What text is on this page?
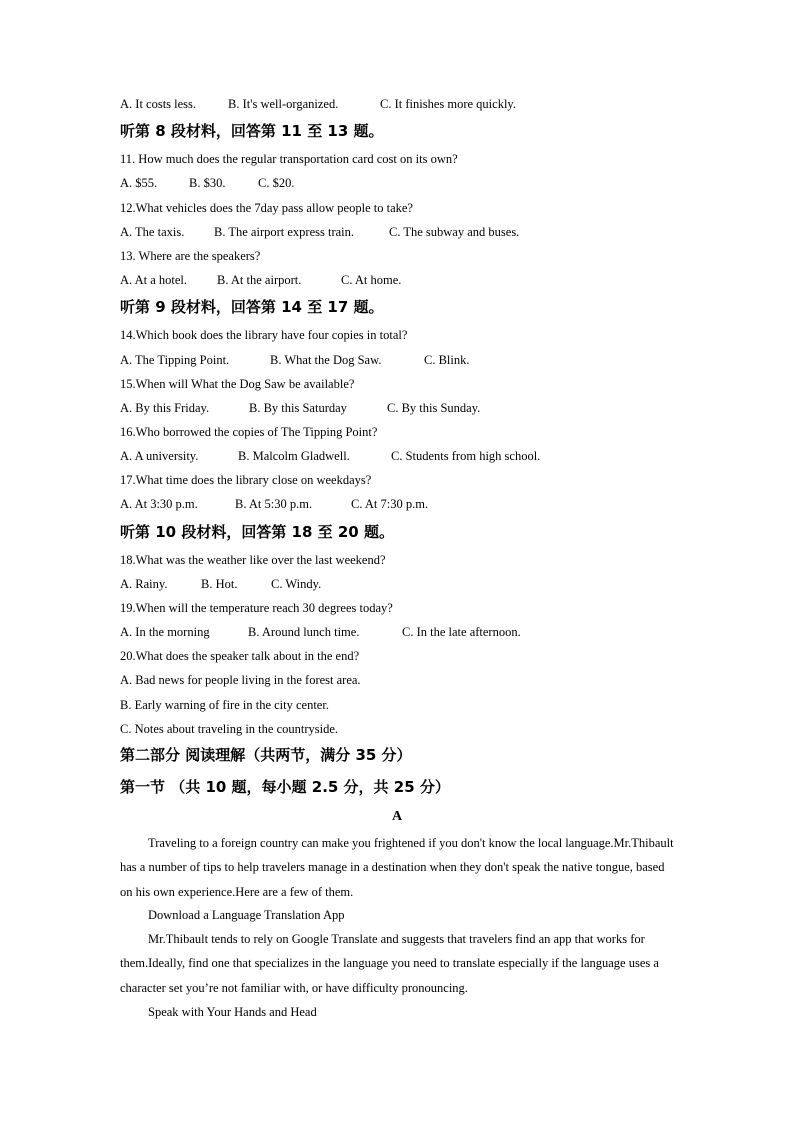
A. It costs less.	B. It's well-organized.	C. It finishes more quickly.
听第 8 段材料，回答第 11 至 13 题。
11. How much does the regular transportation card cost on its own?
A. $55.	B. $30.	C. $20.
12.What vehicles does the 7day pass allow people to take?
A. The taxis. B. The airport express train.	C. The subway and buses.
13. Where are the speakers?
A. At a hotel. B. At the airport.	C. At home.
听第 9 段材料，回答第 14 至 17 题。
14.Which book does the library have four copies in total?
A. The Tipping Point.	B. What the Dog Saw.	C. Blink.
15.When will What the Dog Saw be available?
A. By this Friday.	B. By this Saturday	C. By this Sunday.
16.Who borrowed the copies of The Tipping Point?
A. A university.	B. Malcolm Gladwell.	C. Students from high school.
17.What time does the library close on weekdays?
A. At 3:30 p.m.	B. At 5:30 p.m.	C. At 7:30 p.m.
听第 10 段材料，回答第 18 至 20 题。
18.What was the weather like over the last weekend?
A. Rainy.	B. Hot.	C. Windy.
19.When will the temperature reach 30 degrees today?
A. In the morning	B. Around lunch time.	C. In the late afternoon.
20.What does the speaker talk about in the end?
A. Bad news for people living in the forest area.
B. Early warning of fire in the city center.
C. Notes about traveling in the countryside.
第二部分 阅读理解（共两节，满分 35 分）
第一节 （共 10 题，每小题 2.5 分，共 25 分）
A

Traveling to a foreign country can make you frightened if you don't know the local language.Mr.Thibault has a number of tips to help travelers manage in a destination when they don't speak the native tongue, based on his own experience.Here are a few of them.

Download a Language Translation App

Mr.Thibault tends to rely on Google Translate and suggests that travelers find an app that works for them.Ideally, find one that specializes in the language you need to translate especially if the language uses a character set you’re not familiar with, or have difficulty pronouncing.

Speak with Your Hands and Head
